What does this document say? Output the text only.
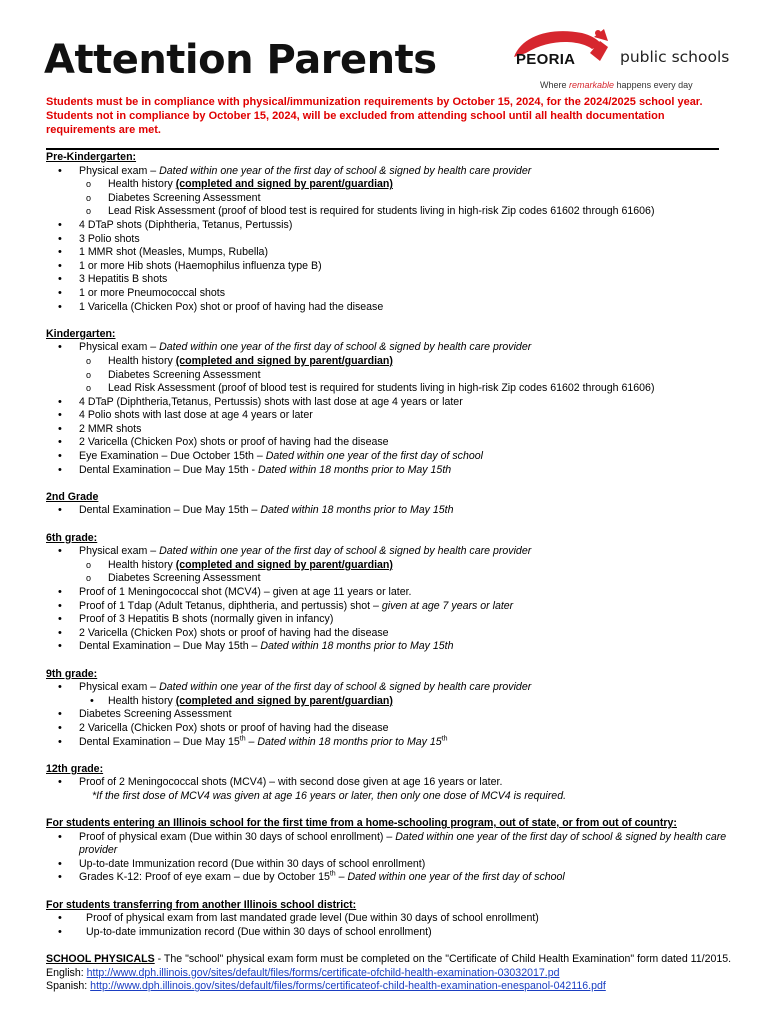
Attention Parents	PEORIA	public schools
Where remarkable happens every day
Students must be in compliance with physical/immunization requirements by October 15, 2024, for the 2024/2025 school year. Students not in compliance by October 15, 2024, will be excluded from attending school until all health documentation requirements are met.
Pre-Kindergarten:
• Physical exam – Dated within one year of the first day of school & signed by health care provider
o Health history (completed and signed by parent/guardian)
o Diabetes Screening Assessment
o Lead Risk Assessment (proof of blood test is required for students living in high-risk Zip codes 61602 through 61606)
• 4 DTaP shots (Diphtheria, Tetanus, Pertussis)
• 3 Polio shots
• 1 MMR shot (Measles, Mumps, Rubella)
• 1 or more Hib shots (Haemophilus influenza type B)
• 3 Hepatitis B shots
• 1 or more Pneumococcal shots
• 1 Varicella (Chicken Pox) shot or proof of having had the disease
Kindergarten:
• Physical exam – Dated within one year of the first day of school & signed by health care provider
o Health history (completed and signed by parent/guardian)
o Diabetes Screening Assessment
o Lead Risk Assessment (proof of blood test is required for students living in high-risk Zip codes 61602 through 61606)
• 4 DTaP (Diphtheria,Tetanus, Pertussis) shots with last dose at age 4 years or later
• 4 Polio shots with last dose at age 4 years or later
• 2 MMR shots
• 2 Varicella (Chicken Pox) shots or proof of having had the disease
• Eye Examination – Due October 15th – Dated within one year of the first day of school
• Dental Examination – Due May 15th - Dated within 18 months prior to May 15th
2nd Grade
• Dental Examination – Due May 15th – Dated within 18 months prior to May 15th
6th grade:
• Physical exam – Dated within one year of the first day of school & signed by health care provider
o Health history (completed and signed by parent/guardian)
o Diabetes Screening Assessment
• Proof of 1 Meningococcal shot (MCV4) – given at age 11 years or later.
• Proof of 1 Tdap (Adult Tetanus, diphtheria, and pertussis) shot – given at age 7 years or later
• Proof of 3 Hepatitis B shots (normally given in infancy)
• 2 Varicella (Chicken Pox) shots or proof of having had the disease
• Dental Examination – Due May 15th – Dated within 18 months prior to May 15th
9th grade:
• Physical exam – Dated within one year of the first day of school & signed by health care provider
• Health history (completed and signed by parent/guardian)
• Diabetes Screening Assessment
• 2 Varicella (Chicken Pox) shots or proof of having had the disease
• Dental Examination – Due May 15th – Dated within 18 months prior to May 15th
12th grade:
• Proof of 2 Meningococcal shots (MCV4) – with second dose given at age 16 years or later.
*If the first dose of MCV4 was given at age 16 years or later, then only one dose of MCV4 is required.
For students entering an Illinois school for the first time from a home-schooling program, out of state, or from out of country:
• Proof of physical exam (Due within 30 days of school enrollment) – Dated within one year of the first day of school & signed by health care provider
• Up-to-date Immunization record (Due within 30 days of school enrollment)
• Grades K-12: Proof of eye exam – due by October 15th – Dated within one year of the first day of school
For students transferring from another Illinois school district:
• Proof of physical exam from last mandated grade level (Due within 30 days of school enrollment)
• Up-to-date immunization record (Due within 30 days of school enrollment)
SCHOOL PHYSICALS - The "school" physical exam form must be completed on the "Certificate of Child Health Examination" form dated 11/2015. English: http://www.dph.illinois.gov/sites/default/files/forms/certificate-ofchild-health-examination-03032017.pd
Spanish: http://www.dph.illinois.gov/sites/default/files/forms/certificateof-child-health-examination-enespanol-042116.pdf
